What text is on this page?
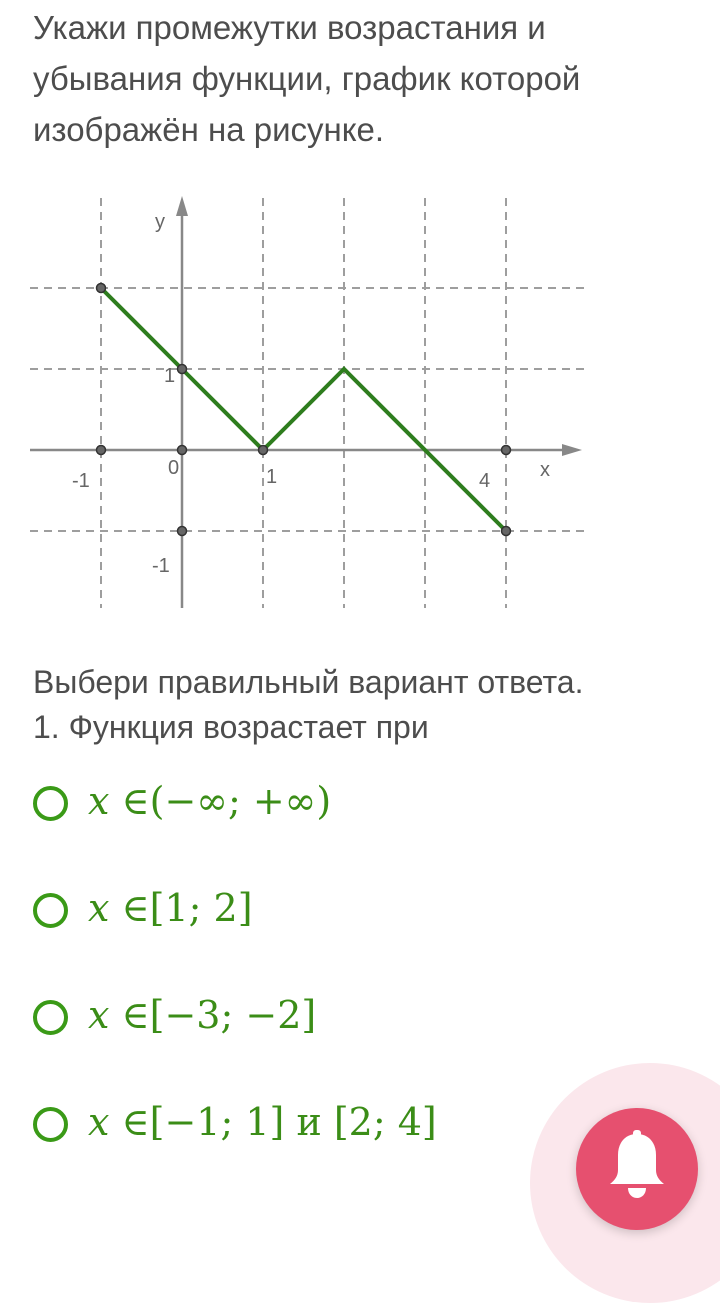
Укажи промежутки возрастания и убывания функции, график которой изображён на рисунке.

y
x
-1
0	1	4
1
-1
Выбери правильный вариант ответа.
1. Функция возрастает при
𝑥 ∈(−∞; +∞)
𝑥 ∈[1; 2]
𝑥 ∈[−3; −2]
𝑥 ∈[−1; 1] и [2; 4]
